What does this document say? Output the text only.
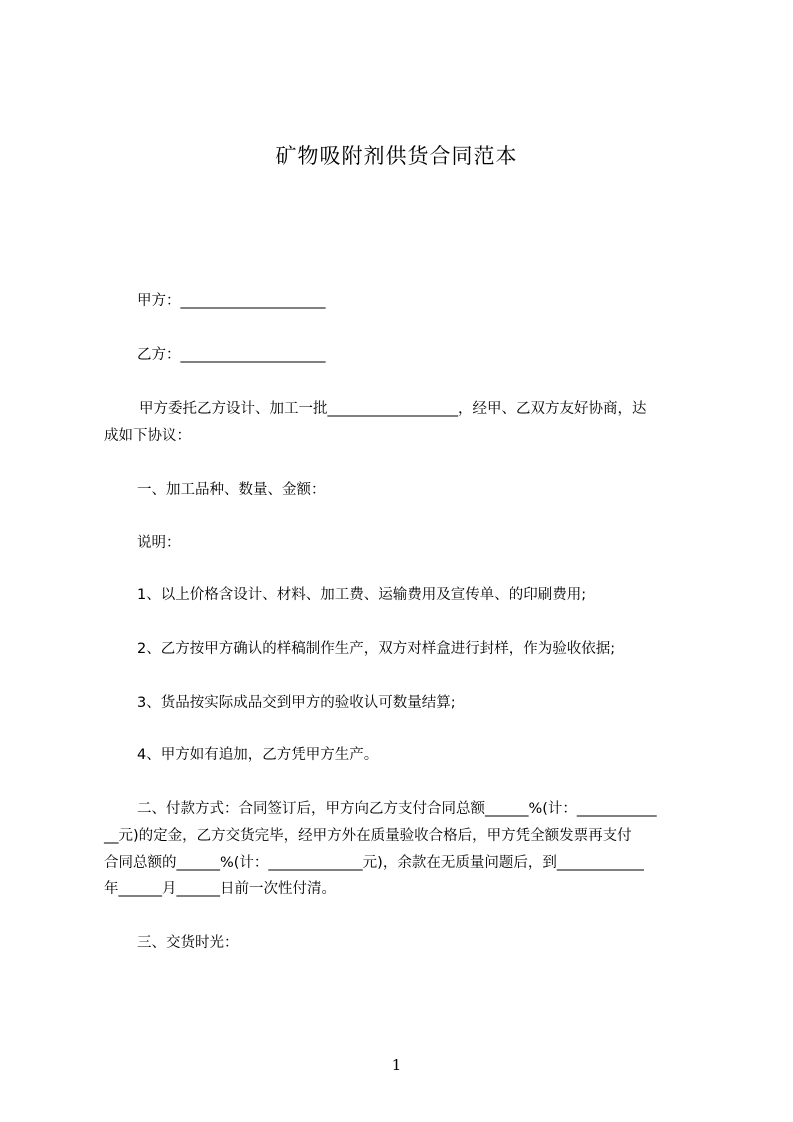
矿物吸附剂供货合同范本
甲方：____________________
乙方：____________________
甲方委托乙方设计、加工一批__________________，经甲、乙双方友好协商，达
成如下协议：
一、加工品种、数量、金额：
说明：
1、以上价格含设计、材料、加工费、运输费用及宣传单、的印刷费用;
2、乙方按甲方确认的样稿制作生产，双方对样盒进行封样，作为验收依据;
3、货品按实际成品交到甲方的验收认可数量结算;
4、甲方如有追加，乙方凭甲方生产。
二、付款方式：合同签订后，甲方向乙方支付合同总额______%(计：___________
__元)的定金，乙方交货完毕，经甲方外在质量验收合格后，甲方凭全额发票再支付
合同总额的______%(计：_____________元)，余款在无质量问题后，到____________
年______月______日前一次性付清。
三、交货时光：
1
